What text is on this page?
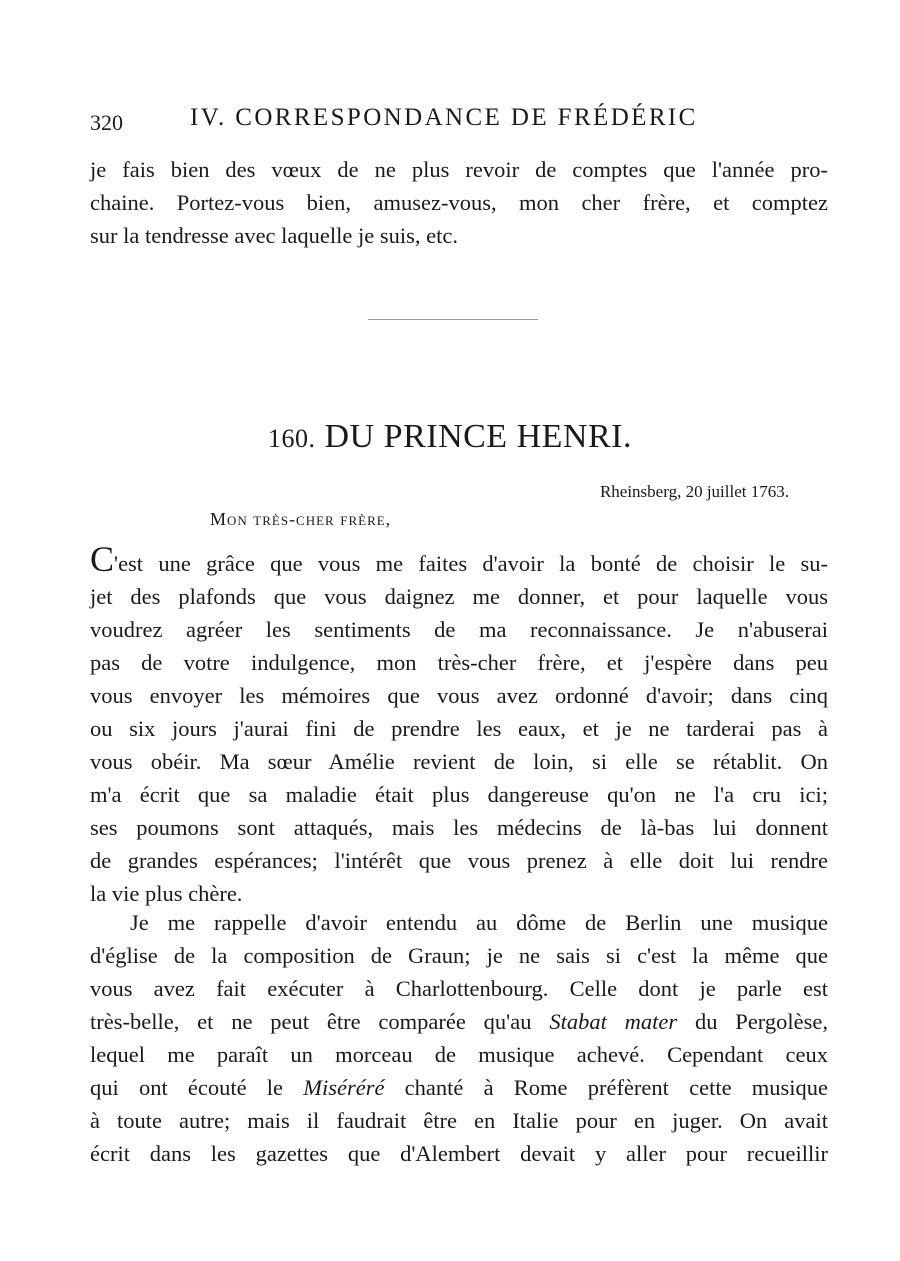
320	IV. CORRESPONDANCE DE FRÉDÉRIC
je fais bien des vœux de ne plus revoir de comptes que l'année pro-
chaine. Portez-vous bien, amusez-vous, mon cher frère, et comptez
sur la tendresse avec laquelle je suis, etc.
160. DU PRINCE HENRI.
Rheinsberg, 20 juillet 1763.
Mon très-cher frère,
C'est une grâce que vous me faites d'avoir la bonté de choisir le su-
jet des plafonds que vous daignez me donner, et pour laquelle vous
voudrez agréer les sentiments de ma reconnaissance. Je n'abuserai
pas de votre indulgence, mon très-cher frère, et j'espère dans peu
vous envoyer les mémoires que vous avez ordonné d'avoir; dans cinq
ou six jours j'aurai fini de prendre les eaux, et je ne tarderai pas à
vous obéir. Ma sœur Amélie revient de loin, si elle se rétablit. On
m'a écrit que sa maladie était plus dangereuse qu'on ne l'a cru ici;
ses poumons sont attaqués, mais les médecins de là-bas lui donnent
de grandes espérances; l'intérêt que vous prenez à elle doit lui rendre
la vie plus chère.
Je me rappelle d'avoir entendu au dôme de Berlin une musique
d'église de la composition de Graun; je ne sais si c'est la même que
vous avez fait exécuter à Charlottenbourg. Celle dont je parle est
très-belle, et ne peut être comparée qu'au Stabat mater du Pergolèse,
lequel me paraît un morceau de musique achevé. Cependant ceux
qui ont écouté le Miséréré chanté à Rome préfèrent cette musique
à toute autre; mais il faudrait être en Italie pour en juger. On avait
écrit dans les gazettes que d'Alembert devait y aller pour recueillir
